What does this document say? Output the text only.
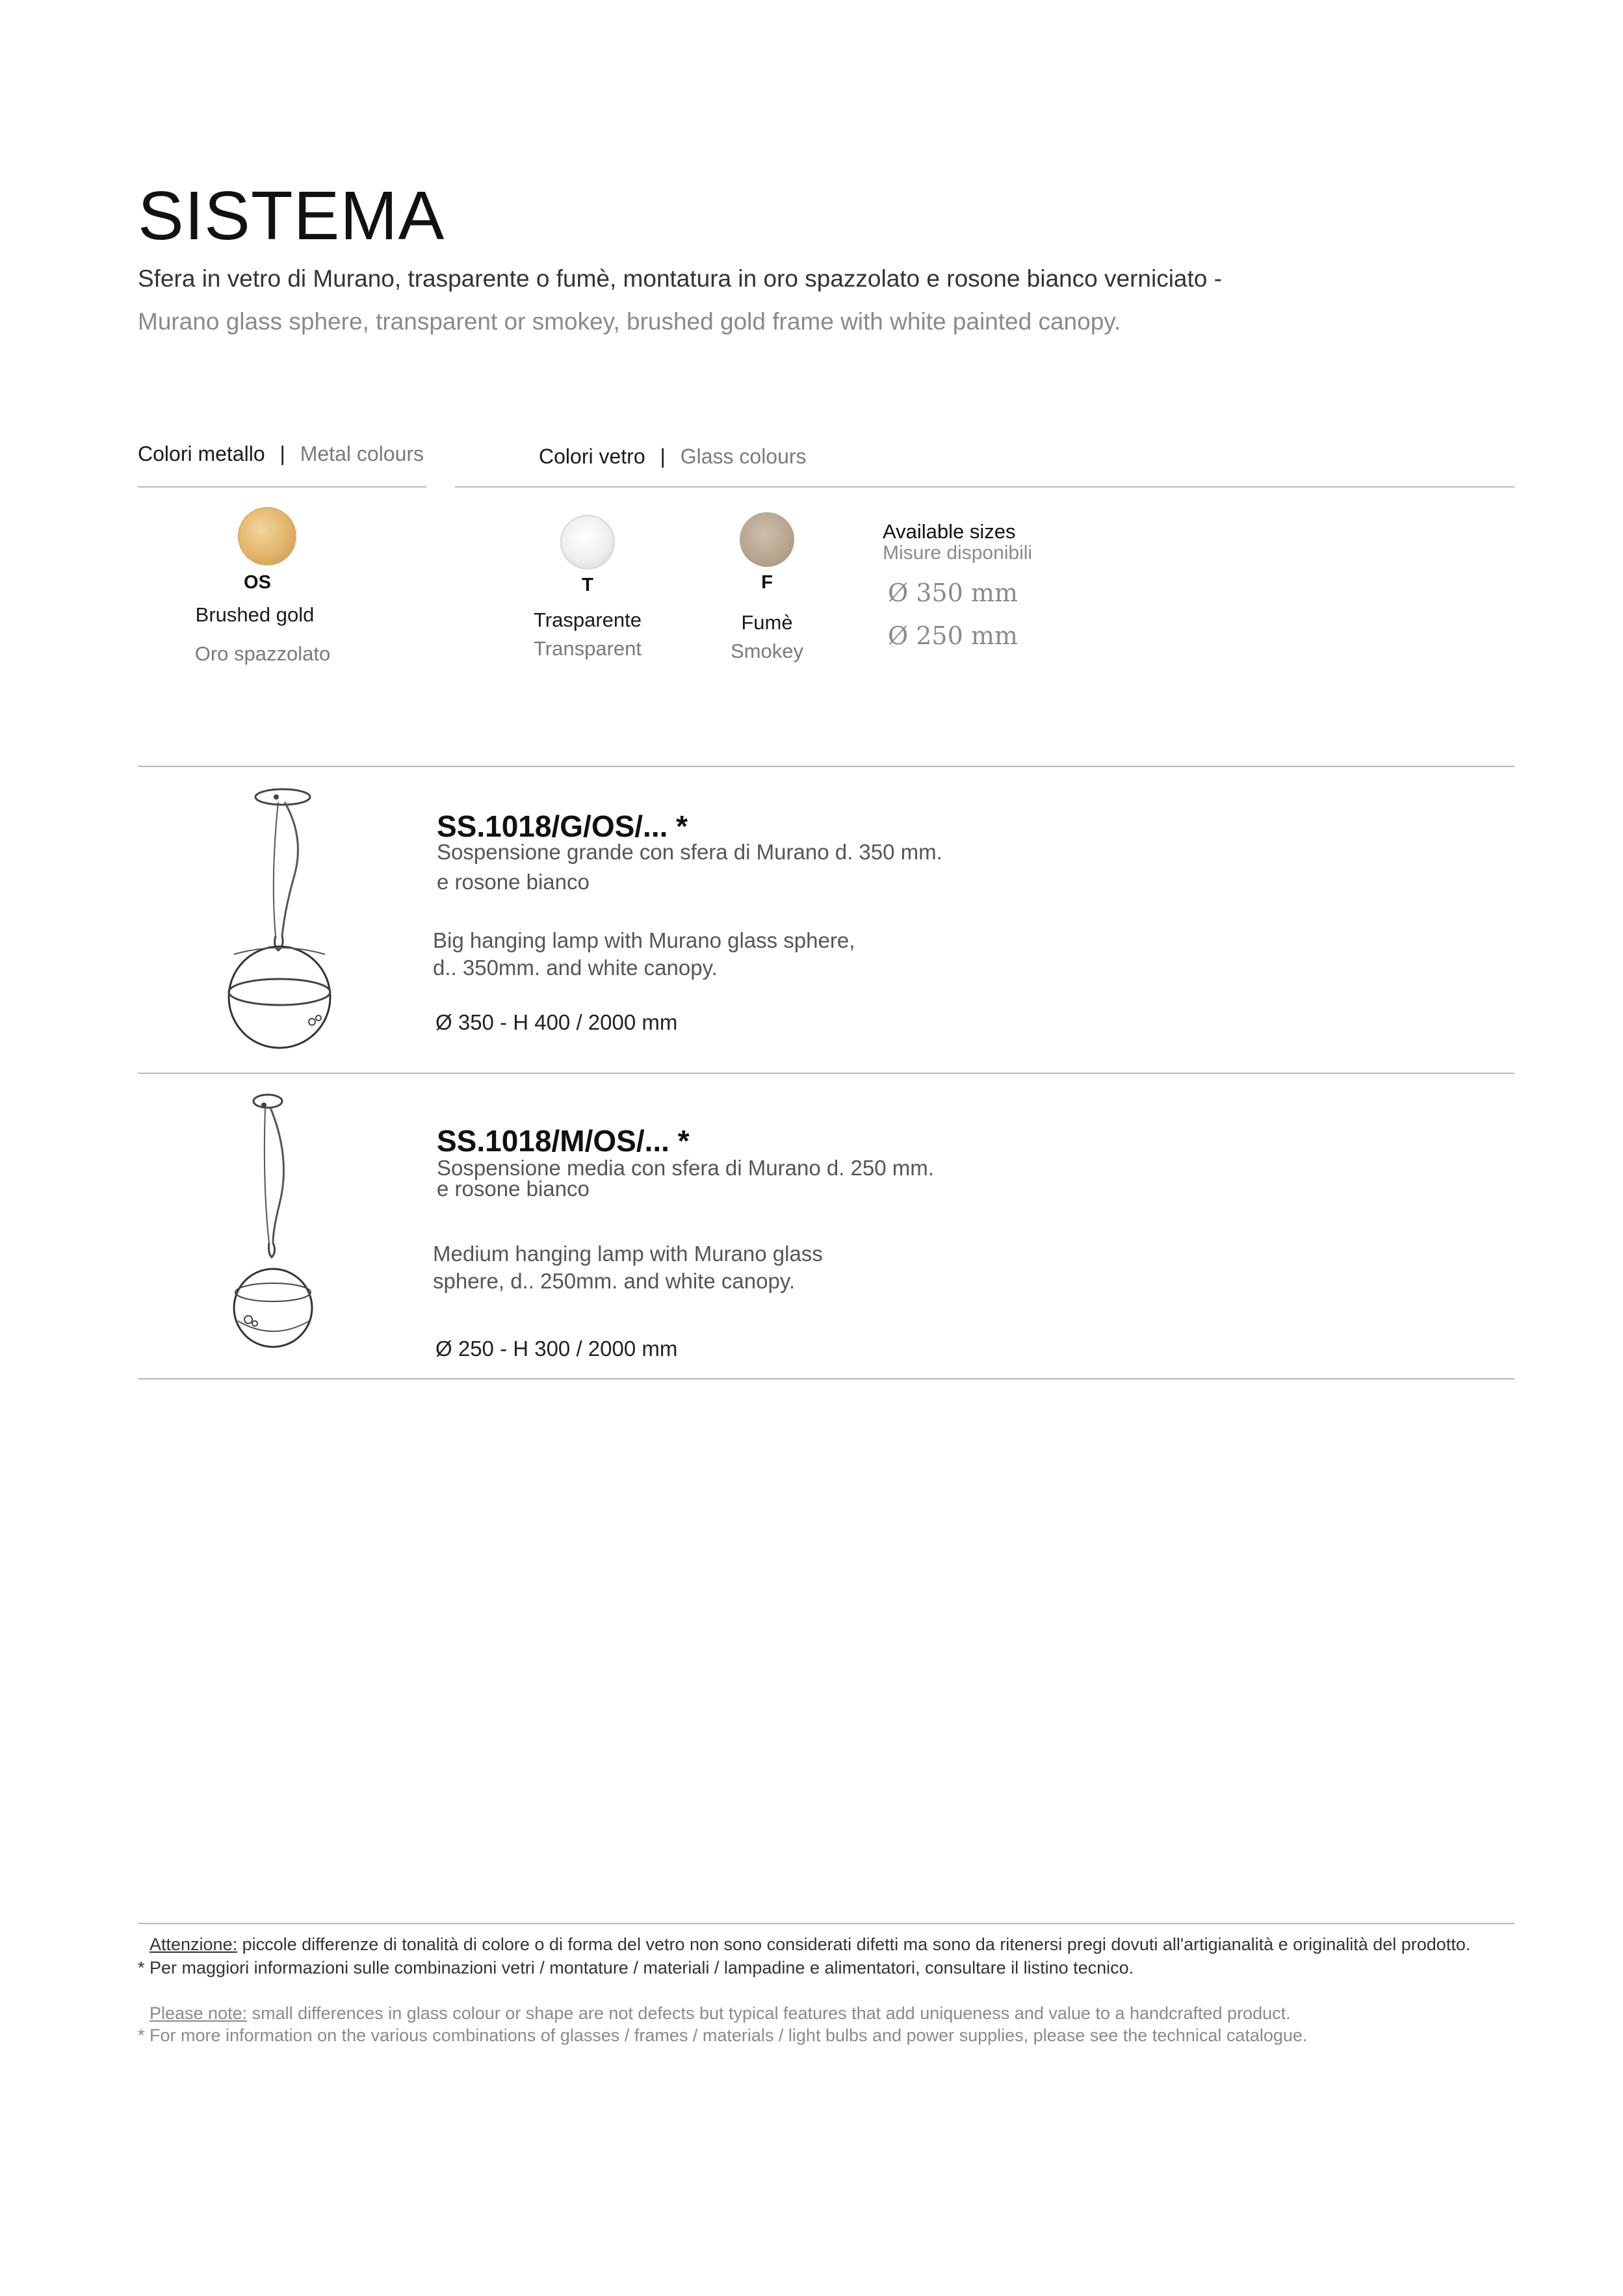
SISTEMA
Sfera in vetro di Murano, trasparente o fumè, montatura in oro spazzolato e rosone bianco verniciato -
Murano glass sphere, transparent or smokey, brushed gold frame with white painted canopy.
Colori metallo | Metal colours	Colori vetro | Glass colours
OS
Brushed gold
Oro spazzolato
T
Trasparente
Transparent
F
Fumè
Smokey
Available sizes
Misure disponibili
Ø 350 mm
Ø 250 mm
SS.1018/G/OS/... *
Sospensione grande con sfera di Murano d. 350 mm.
e rosone bianco
Big hanging lamp with Murano glass sphere,
d.. 350mm. and white canopy.
Ø 350 - H 400 / 2000 mm
SS.1018/M/OS/... *
Sospensione media con sfera di Murano d. 250 mm.
e rosone bianco
Medium hanging lamp with Murano glass
sphere, d.. 250mm. and white canopy.
Ø 250 - H 300 / 2000 mm
Attenzione: piccole differenze di tonalità di colore o di forma del vetro non sono considerati difetti ma sono da ritenersi pregi dovuti all'artigianalità e originalità del prodotto.
* Per maggiori informazioni sulle combinazioni vetri / montature / materiali / lampadine e alimentatori, consultare il listino tecnico.
Please note: small differences in glass colour or shape are not defects but typical features that add uniqueness and value to a handcrafted product.
* For more information on the various combinations of glasses / frames / materials / light bulbs and power supplies, please see the technical catalogue.
